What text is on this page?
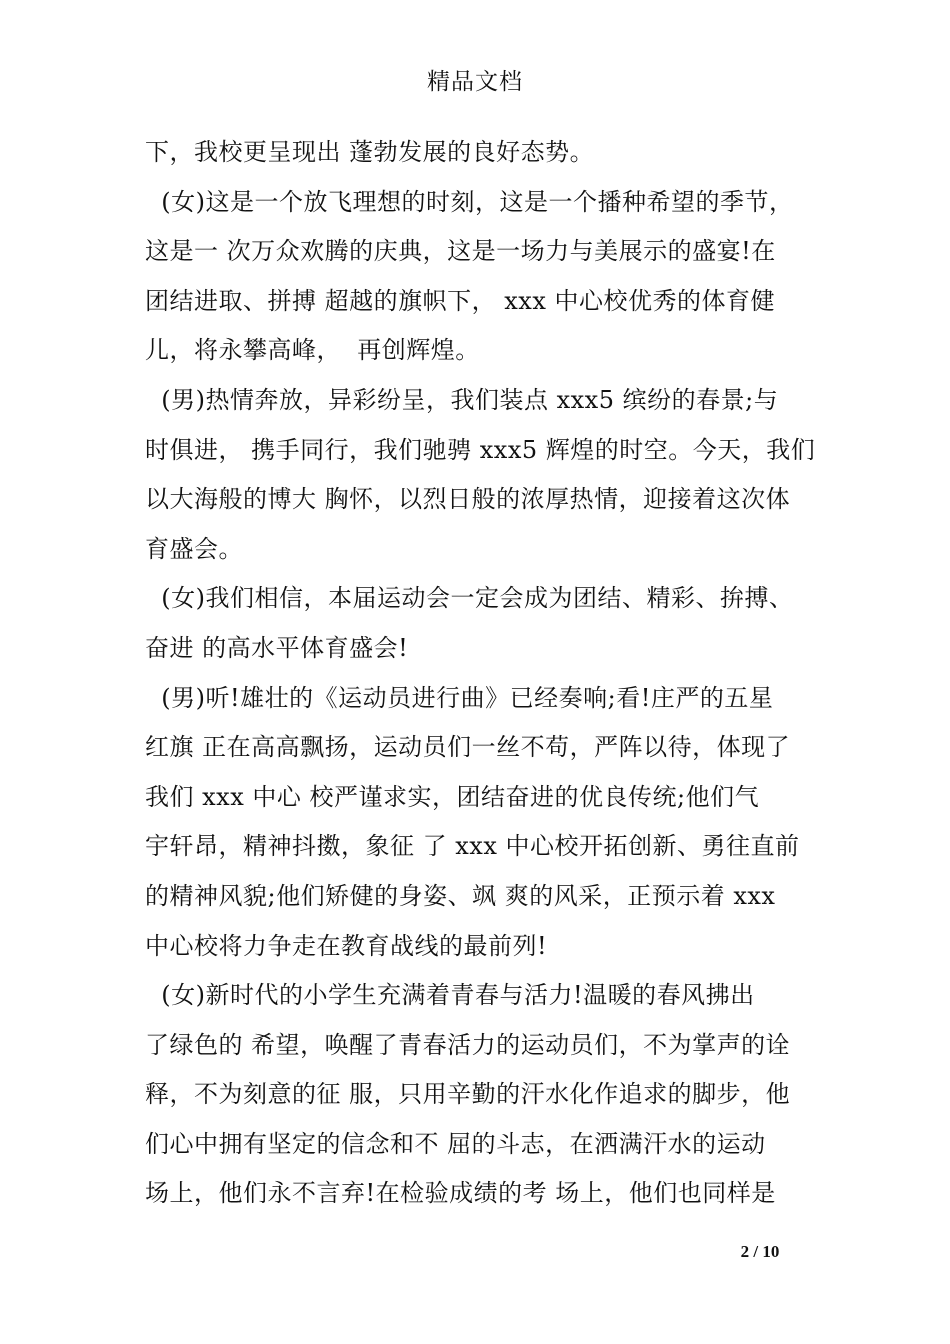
精品文档
下，我校更呈现出 蓬勃发展的良好态势。
(女)这是一个放飞理想的时刻，这是一个播种希望的季节，
这是一 次万众欢腾的庆典，这是一场力与美展示的盛宴!在
团结进取、拼搏 超越的旗帜下， xxx 中心校优秀的体育健
儿，将永攀高峰，  再创辉煌。
(男)热情奔放，异彩纷呈，我们装点 xxx5 缤纷的春景;与
时俱进， 携手同行，我们驰骋 xxx5 辉煌的时空。今天，我们
以大海般的博大 胸怀，以烈日般的浓厚热情，迎接着这次体
育盛会。
(女)我们相信，本届运动会一定会成为团结、精彩、拚搏、
奋进 的高水平体育盛会!
(男)听!雄壮的《运动员进行曲》已经奏响;看!庄严的五星
红旗 正在高高飘扬，运动员们一丝不苟，严阵以待，体现了
我们 xxx 中心 校严谨求实，团结奋进的优良传统;他们气
宇轩昂，精神抖擞，象征 了 xxx 中心校开拓创新、勇往直前
的精神风貌;他们矫健的身姿、飒 爽的风采，正预示着 xxx
中心校将力争走在教育战线的最前列!
(女)新时代的小学生充满着青春与活力!温暖的春风拂出
了绿色的 希望，唤醒了青春活力的运动员们，不为掌声的诠
释，不为刻意的征 服，只用辛勤的汗水化作追求的脚步，他
们心中拥有坚定的信念和不 屈的斗志，在洒满汗水的运动
场上，他们永不言弃!在检验成绩的考 场上，他们也同样是
2 / 10
